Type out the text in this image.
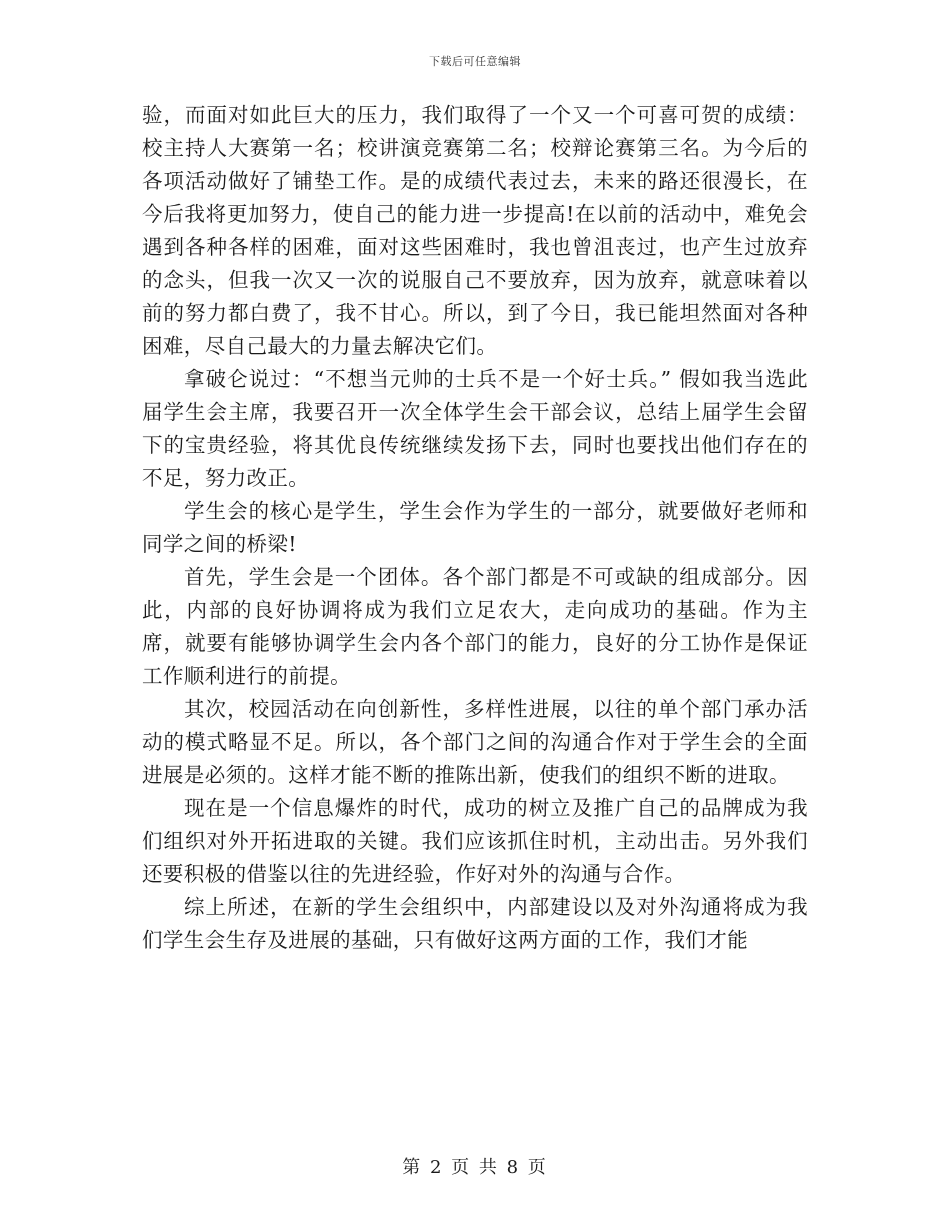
下载后可任意编辑

验，而面对如此巨大的压力，我们取得了一个又一个可喜可贺的成绩：校主持人大赛第一名；校讲演竞赛第二名；校辩论赛第三名。为今后的各项活动做好了铺垫工作。是的成绩代表过去，未来的路还很漫长，在今后我将更加努力，使自己的能力进一步提高!在以前的活动中，难免会遇到各种各样的困难，面对这些困难时，我也曾沮丧过，也产生过放弃的念头，但我一次又一次的说服自己不要放弃，因为放弃，就意味着以前的努力都白费了，我不甘心。所以，到了今日，我已能坦然面对各种困难，尽自己最大的力量去解决它们。

拿破仑说过：“不想当元帅的士兵不是一个好士兵。” 假如我当选此届学生会主席，我要召开一次全体学生会干部会议，总结上届学生会留下的宝贵经验，将其优良传统继续发扬下去，同时也要找出他们存在的不足，努力改正。

学生会的核心是学生，学生会作为学生的一部分，就要做好老师和同学之间的桥梁!

首先，学生会是一个团体。各个部门都是不可或缺的组成部分。因此，内部的良好协调将成为我们立足农大，走向成功的基础。作为主席，就要有能够协调学生会内各个部门的能力，良好的分工协作是保证工作顺利进行的前提。

其次，校园活动在向创新性，多样性进展，以往的单个部门承办活动的模式略显不足。所以，各个部门之间的沟通合作对于学生会的全面进展是必须的。这样才能不断的推陈出新，使我们的组织不断的进取。

现在是一个信息爆炸的时代，成功的树立及推广自己的品牌成为我们组织对外开拓进取的关键。我们应该抓住时机，主动出击。另外我们还要积极的借鉴以往的先进经验，作好对外的沟通与合作。

综上所述，在新的学生会组织中，内部建设以及对外沟通将成为我们学生会生存及进展的基础，只有做好这两方面的工作，我们才能

第 2 页 共 8 页
